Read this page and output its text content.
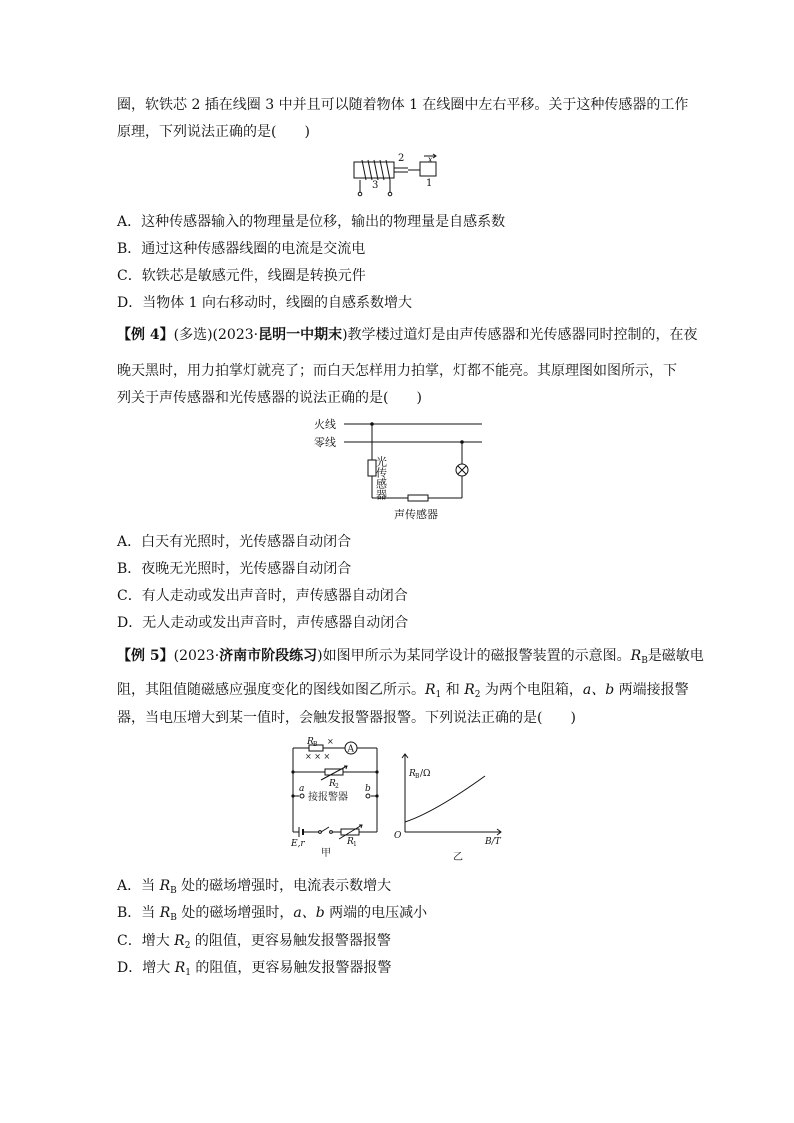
圈，软铁芯 2 插在线圈 3 中并且可以随着物体 1 在线圈中左右平移。关于这种传感器的工作
原理，下列说法正确的是(　　)
2
3	1
x
A．这种传感器输入的物理量是位移，输出的物理量是自感系数
B．通过这种传感器线圈的电流是交流电
C．软铁芯是敏感元件，线圈是转换元件
D．当物体 1 向右移动时，线圈的自感系数增大
【例 4】(多选)(2023·昆明一中期末)教学楼过道灯是由声传感器和光传感器同时控制的，在夜
晚天黑时，用力拍掌灯就亮了；而白天怎样用力拍掌，灯都不能亮。其原理图如图所示，下
列关于声传感器和光传感器的说法正确的是(　　)
火线
零线
光传感器
声传感器
A．白天有光照时，光传感器自动闭合
B．夜晚无光照时，光传感器自动闭合
C．有人走动或发出声音时，声传感器自动闭合
D．无人走动或发出声音时，声传感器自动闭合
【例 5】(2023·济南市阶段练习)如图甲所示为某同学设计的磁报警装置的示意图。$R_B$是磁敏电
阻，其阻值随磁感应强度变化的图线如图乙所示。$R_1$ 和 $R_2$ 为两个电阻箱，a、b 两端接报警
器，当电压增大到某一值时，会触发报警器报警。下列说法正确的是(　　)
A
R B ×
× × ×
R 2
a	b
接报警器
E,r	R 1
甲
R B /Ω
O
B/T
乙
A．当 $R_B$ 处的磁场增强时，电流表示数增大
B．当 $R_B$ 处的磁场增强时，a、b 两端的电压减小
C．增大 $R_2$ 的阻值，更容易触发报警器报警
D．增大 $R_1$ 的阻值，更容易触发报警器报警
